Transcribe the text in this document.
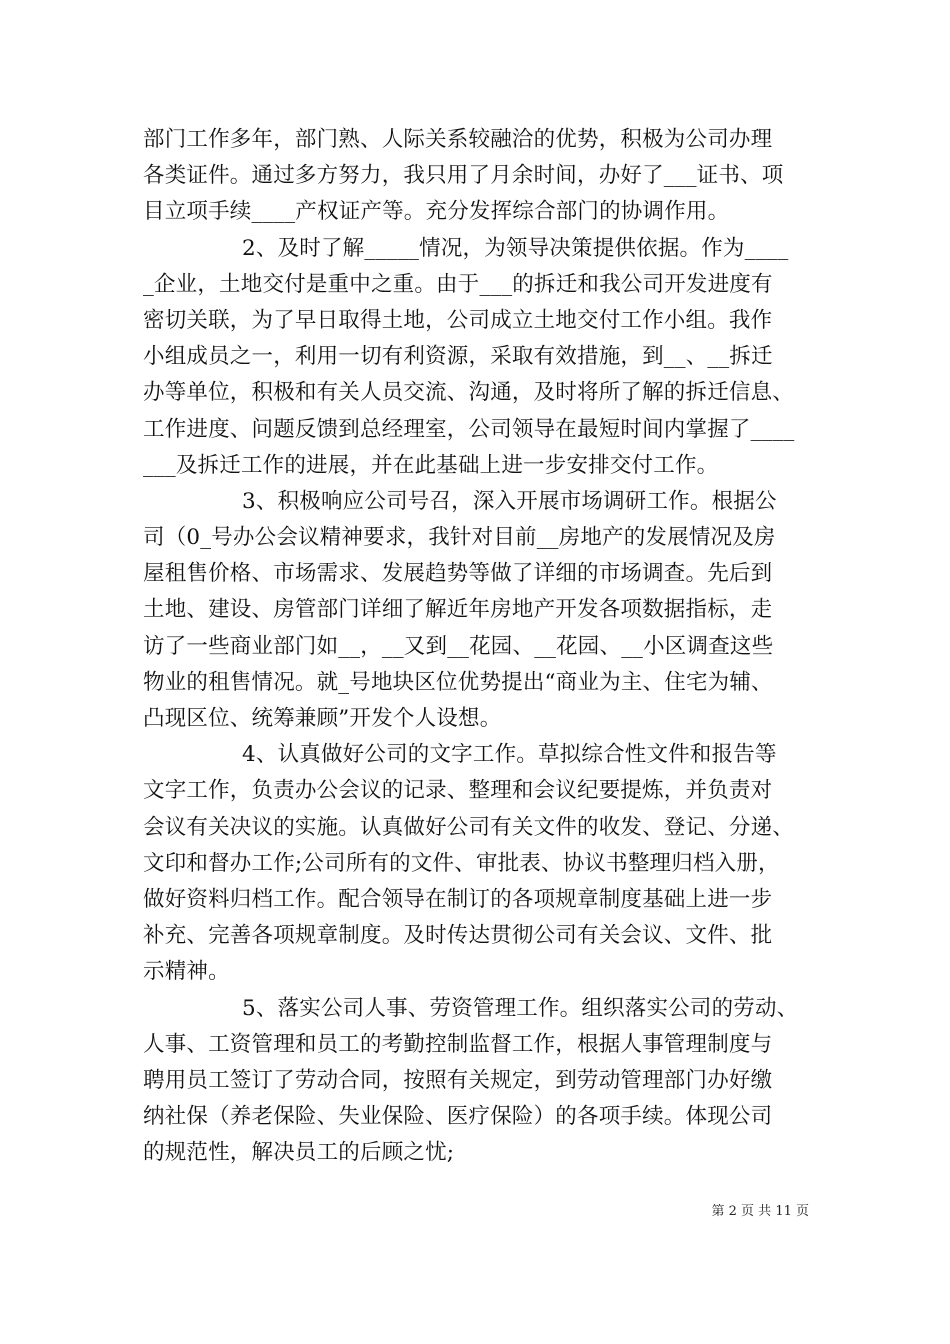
部门工作多年，部门熟、人际关系较融洽的优势，积极为公司办理
各类证件。通过多方努力，我只用了月余时间，办好了___证书、项
目立项手续____产权证产等。充分发挥综合部门的协调作用。
2、及时了解_____情况，为领导决策提供依据。作为____
_企业，土地交付是重中之重。由于___的拆迁和我公司开发进度有
密切关联，为了早日取得土地，公司成立土地交付工作小组。我作
小组成员之一，利用一切有利资源，采取有效措施，到__、__拆迁
办等单位，积极和有关人员交流、沟通，及时将所了解的拆迁信息、
工作进度、问题反馈到总经理室，公司领导在最短时间内掌握了____
___及拆迁工作的进展，并在此基础上进一步安排交付工作。
3、积极响应公司号召，深入开展市场调研工作。根据公
司（0_号办公会议精神要求，我针对目前__房地产的发展情况及房
屋租售价格、市场需求、发展趋势等做了详细的市场调查。先后到
土地、建设、房管部门详细了解近年房地产开发各项数据指标，走
访了一些商业部门如__，__又到__花园、__花园、__小区调查这些
物业的租售情况。就_号地块区位优势提出“商业为主、住宅为辅、
凸现区位、统筹兼顾”开发个人设想。
4、认真做好公司的文字工作。草拟综合性文件和报告等
文字工作，负责办公会议的记录、整理和会议纪要提炼，并负责对
会议有关决议的实施。认真做好公司有关文件的收发、登记、分递、
文印和督办工作;公司所有的文件、审批表、协议书整理归档入册，
做好资料归档工作。配合领导在制订的各项规章制度基础上进一步
补充、完善各项规章制度。及时传达贯彻公司有关会议、文件、批
示精神。
5、落实公司人事、劳资管理工作。组织落实公司的劳动、
人事、工资管理和员工的考勤控制监督工作，根据人事管理制度与
聘用员工签订了劳动合同，按照有关规定，到劳动管理部门办好缴
纳社保（养老保险、失业保险、医疗保险）的各项手续。体现公司
的规范性，解决员工的后顾之忧;
第 2 页 共 11 页
